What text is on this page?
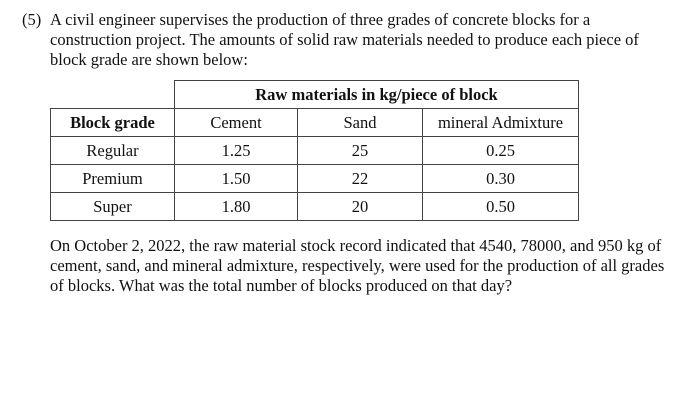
(5) A civil engineer supervises the production of three grades of concrete blocks for a construction project. The amounts of solid raw materials needed to produce each piece of block grade are shown below:
	Raw materials in kg/piece of block		
Block grade	Cement	Sand	mineral Admixture
Regular	1.25	25	0.25
Premium	1.50	22	0.30
Super	1.80	20	0.50
On October 2, 2022, the raw material stock record indicated that 4540, 78000, and 950 kg of cement, sand, and mineral admixture, respectively, were used for the production of all grades of blocks. What was the total number of blocks produced on that day?
